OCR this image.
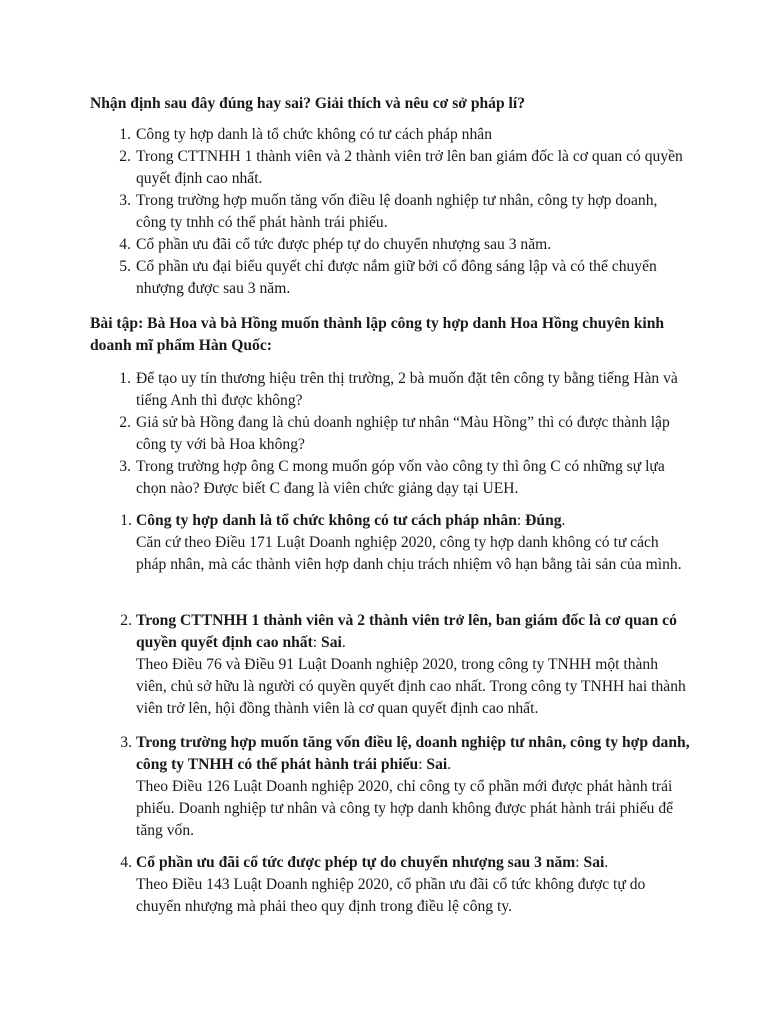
Nhận định sau đây đúng hay sai? Giải thích và nêu cơ sở pháp lí?
1. Công ty hợp danh là tổ chức không có tư cách pháp nhân
2. Trong CTTNHH 1 thành viên và 2 thành viên trở lên ban giám đốc là cơ quan có quyền quyết định cao nhất.
3. Trong trường hợp muốn tăng vốn điều lệ doanh nghiệp tư nhân, công ty hợp doanh, công ty tnhh có thể phát hành trái phiếu.
4. Cổ phần ưu đãi cổ tức được phép tự do chuyển nhượng sau 3 năm.
5. Cổ phần ưu đại biểu quyết chỉ được nắm giữ bởi cổ đông sáng lập và có thể chuyển nhượng được sau 3 năm.
Bài tập: Bà Hoa và bà Hồng muốn thành lập công ty hợp danh Hoa Hồng chuyên kinh doanh mĩ phẩm Hàn Quốc:
1. Để tạo uy tín thương hiệu trên thị trường, 2 bà muốn đặt tên công ty bằng tiếng Hàn và tiếng Anh thì được không?
2. Giả sử bà Hồng đang là chủ doanh nghiệp tư nhân “Màu Hồng” thì có được thành lập công ty với bà Hoa không?
3. Trong trường hợp ông C mong muốn góp vốn vào công ty thì ông C có những sự lựa chọn nào? Được biết C đang là viên chức giảng dạy tại UEH.
1. Công ty hợp danh là tổ chức không có tư cách pháp nhân: Đúng.
Căn cứ theo Điều 171 Luật Doanh nghiệp 2020, công ty hợp danh không có tư cách pháp nhân, mà các thành viên hợp danh chịu trách nhiệm vô hạn bằng tài sản của mình.
2. Trong CTTNHH 1 thành viên và 2 thành viên trở lên, ban giám đốc là cơ quan có quyền quyết định cao nhất: Sai.
Theo Điều 76 và Điều 91 Luật Doanh nghiệp 2020, trong công ty TNHH một thành viên, chủ sở hữu là người có quyền quyết định cao nhất. Trong công ty TNHH hai thành viên trở lên, hội đồng thành viên là cơ quan quyết định cao nhất.
3. Trong trường hợp muốn tăng vốn điều lệ, doanh nghiệp tư nhân, công ty hợp danh, công ty TNHH có thể phát hành trái phiếu: Sai.
Theo Điều 126 Luật Doanh nghiệp 2020, chỉ công ty cổ phần mới được phát hành trái phiếu. Doanh nghiệp tư nhân và công ty hợp danh không được phát hành trái phiếu để tăng vốn.
4. Cổ phần ưu đãi cổ tức được phép tự do chuyển nhượng sau 3 năm: Sai.
Theo Điều 143 Luật Doanh nghiệp 2020, cổ phần ưu đãi cổ tức không được tự do chuyển nhượng mà phải theo quy định trong điều lệ công ty.
